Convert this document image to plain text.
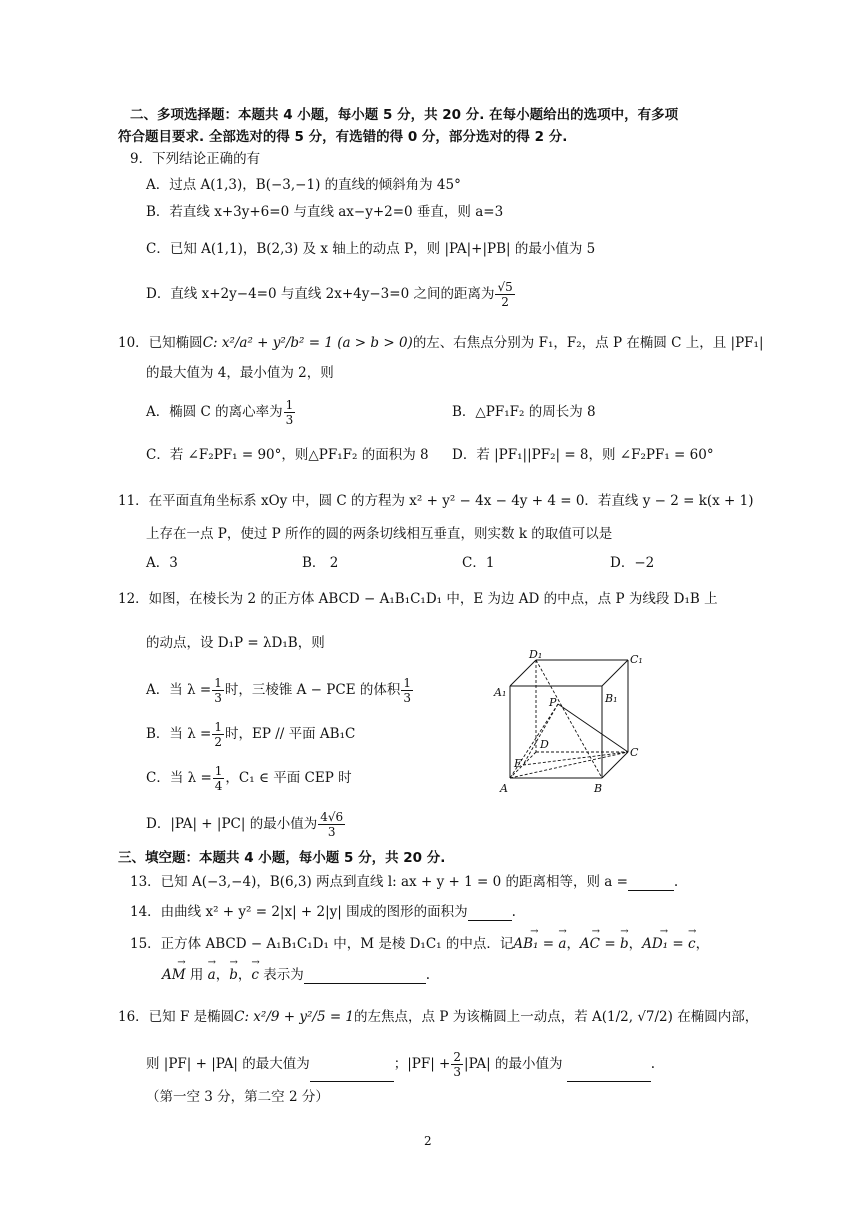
二、多项选择题：本题共 4 小题，每小题 5 分，共 20 分. 在每小题给出的选项中，有多项
符合题目要求. 全部选对的得 5 分，有选错的得 0 分，部分选对的得 2 分.
9．下列结论正确的有
A．过点 A(1,3)，B(−3,−1) 的直线的倾斜角为 45°
B．若直线 x+3y+6=0 与直线 ax−y+2=0 垂直，则 a=3
C．已知 A(1,1)，B(2,3) 及 x 轴上的动点 P，则 |PA|+|PB| 的最小值为 5
D．直线 x+2y−4=0 与直线 2x+4y−3=0 之间的距离为 $\frac{√5}{2}$
10．已知椭圆C: x²/a² + y²/b² = 1 (a > b > 0)的左、右焦点分别为 F₁，F₂，点 P 在椭圆 C 上，且 |PF₁|
的最大值为 4，最小值为 2，则
A．椭圆 C 的离心率为 $\frac{1}{3}$	B．△PF₁F₂ 的周长为 8
C．若 ∠F₂PF₁ = 90°，则△PF₁F₂ 的面积为 8 D．若 |PF₁||PF₂| = 8，则 ∠F₂PF₁ = 60°
11．在平面直角坐标系 xOy 中，圆 C 的方程为 x² + y² − 4x − 4y + 4 = 0．若直线 y − 2 = k(x + 1)
上存在一点 P，使过 P 所作的圆的两条切线相互垂直，则实数 k 的取值可以是
A．3	B． 2	C．1	D．−2
12．如图，在棱长为 2 的正方体 ABCD − A₁B₁C₁D₁ 中，E 为边 AD 的中点，点 P 为线段 D₁B 上
的动点，设 D₁P = λD₁B，则
A．当 $\lambda = \frac{1}{3}$ 时，三棱锥 A − PCE 的体积 $\frac{1}{3}$
B．当 $\lambda = \frac{1}{2}$ 时，EP // 平面 AB₁C
C．当 $\lambda = \frac{1}{4}$ ，C₁ ∈ 平面 CEP 时
D．|PA| + |PC| 的最小值为 $\frac{4√6}{3}$
D₁	C₁
A₁	B₁
P
D
C
E
A	B
三、填空题：本题共 4 小题，每小题 5 分，共 20 分.
13．已知 A(−3,−4)，B(6,3) 两点到直线 l: ax + y + 1 = 0 的距离相等，则 a =	.
14．由曲线 x² + y² = 2|x| + 2|y| 围成的图形的面积为	.
15．正方体 ABCD − A₁B₁C₁D₁ 中，M 是棱 D₁C₁ 的中点．记→ AB₁ = → a，→ AC = → b，→ AD₁ = → c，
→ AM 用 → a，→ b，→ c 表示为	.
16．已知 F 是椭圆C: x²/9 + y²/5 = 1的左焦点，点 P 为该椭圆上一动点，若 A(1/2, √7/2) 在椭圆内部，
则 |PF| + |PA| 的最大值为	；$|PF| + \frac{2}{3} |PA|$ 的最小值为	.
（第一空 3 分，第二空 2 分）
2
